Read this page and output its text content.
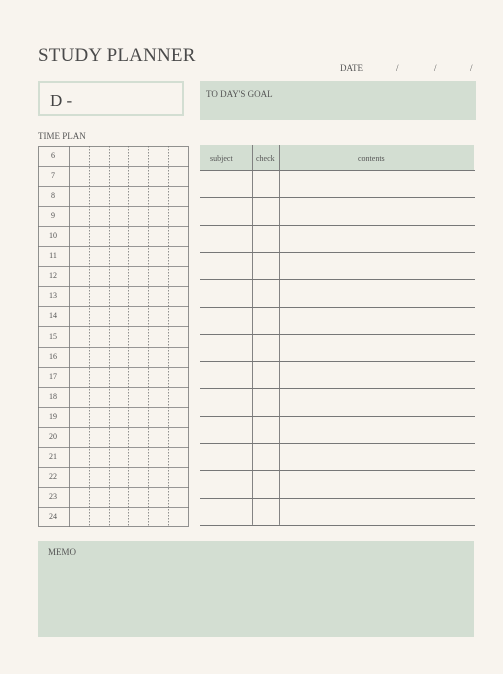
STUDY PLANNER
DATE	/	/	/
D -	TO DAY'S GOAL
TIME PLAN
6
7
8
9
10
11
12
13
14
15
16
17
18
19
20
21
22
23
24
subject	check	contents
MEMO
